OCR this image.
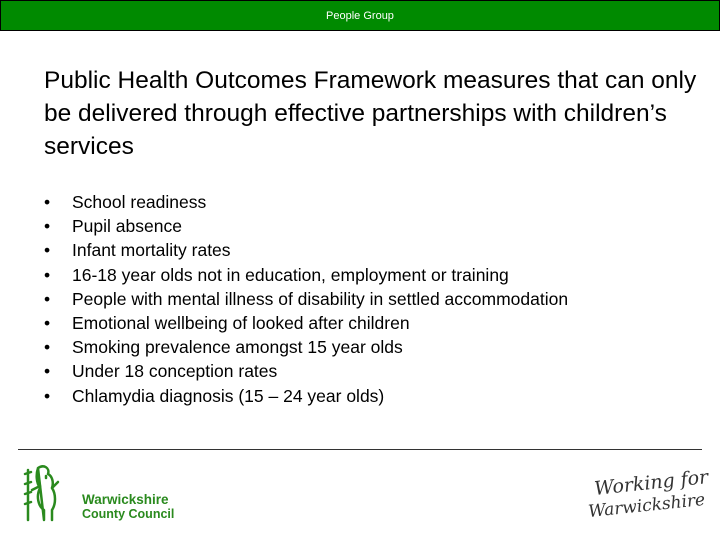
People Group
Public Health Outcomes Framework measures that can only be delivered through effective partnerships with children’s services
•	School readiness
•	Pupil absence
•	Infant mortality rates
•	16-18 year olds not in education, employment or training
•	People with mental illness of disability in settled accommodation
•	Emotional wellbeing of looked after children
•	Smoking prevalence amongst 15 year olds
•	Under 18 conception rates
•	Chlamydia diagnosis (15 – 24 year olds)
Warwickshire
County Council
Working for
Warwickshire
